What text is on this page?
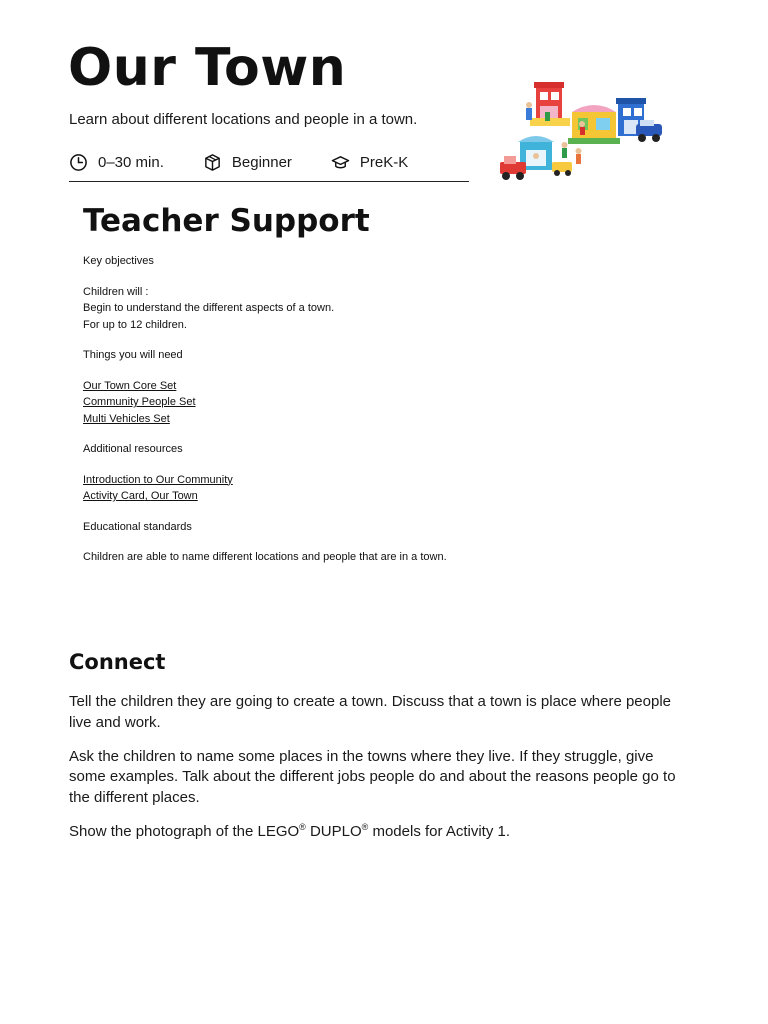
Our Town
Learn about different locations and people in a town.
0–30 min.	Beginner	PreK-K
Teacher Support

Key objectives

Children will :

Begin to understand the different aspects of a town.

For up to 12 children.

Things you will need

Our Town Core Set

Community People Set

Multi Vehicles Set

Additional resources

Introduction to Our Community

Activity Card, Our Town

Educational standards

Children are able to name different locations and people that are in a town.

Connect

Tell the children they are going to create a town. Discuss that a town is place where people live and work.

Ask the children to name some places in the towns where they live. If they struggle, give some examples. Talk about the different jobs people do and about the reasons people go to the different places.

Show the photograph of the LEGO® DUPLO® models for Activity 1.
